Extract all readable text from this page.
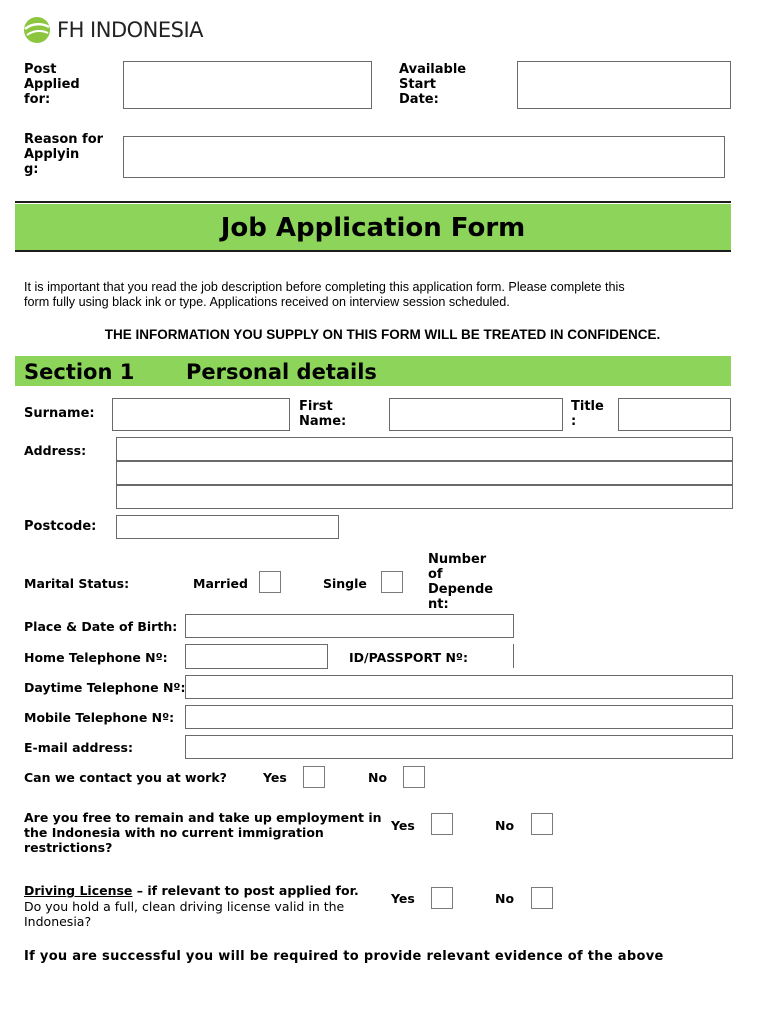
FH INDONESIA
Post
Applied
for:
Available
Start
Date:
Reason for
Applyin
g:
Job Application Form
It is important that you read the job description before completing this application form. Please complete this
form fully using black ink or type. Applications received on interview session scheduled.
THE INFORMATION YOU SUPPLY ON THIS FORM WILL BE TREATED IN CONFIDENCE.
Section 1 Personal details
Surname:	First
Name:
Title
:
Address:
Postcode:
Marital Status:	Married	Single
Number
of
Depende
nt:
Place & Date of Birth:
Home Telephone Nº:	ID/PASSPORT Nº:
Daytime Telephone Nº:
Mobile Telephone Nº:
E-mail address:
Can we contact you at work?	Yes	No
Are you free to remain and take up employment in
the Indonesia with no current immigration
restrictions?
Yes	No
Driving License – if relevant to post applied for.
Do you hold a full, clean driving license valid in the
Indonesia?
Yes	No
If you are successful you will be required to provide relevant evidence of the above
